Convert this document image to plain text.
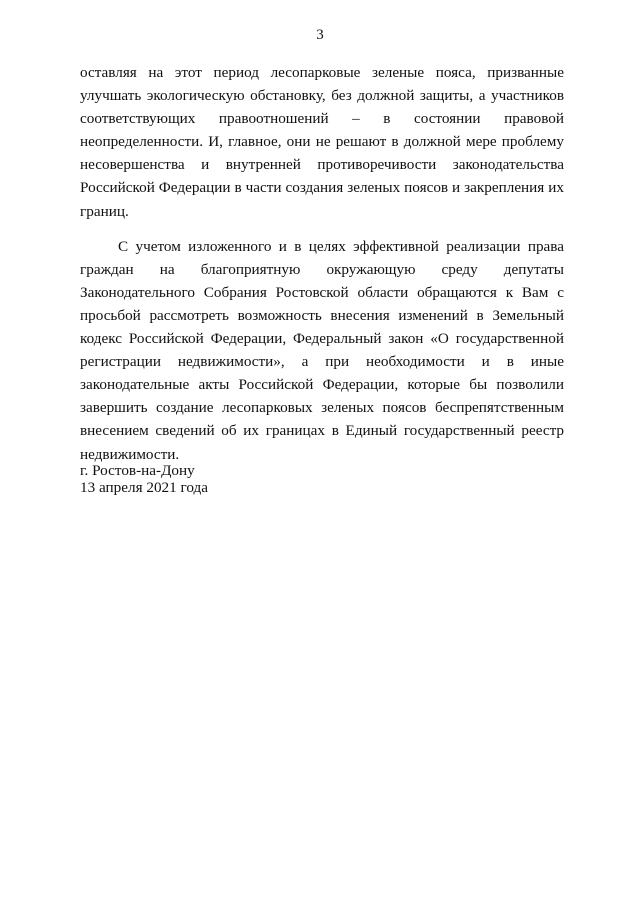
3

оставляя на этот период лесопарковые зеленые пояса, призванные
улучшать экологическую обстановку, без должной защиты, а участников
соответствующих правоотношений – в состоянии правовой
неопределенности. И, главное, они не решают в должной мере проблему
несовершенства и внутренней противоречивости законодательства
Российской Федерации в части создания зеленых поясов и закрепления их
границ.

С учетом изложенного и в целях эффективной реализации права
граждан на благоприятную окружающую среду депутаты
Законодательного Собрания Ростовской области обращаются к Вам с
просьбой рассмотреть возможность внесения изменений в Земельный
кодекс Российской Федерации, Федеральный закон «О государственной
регистрации недвижимости», а при необходимости и в иные
законодательные акты Российской Федерации, которые бы позволили
завершить создание лесопарковых зеленых поясов беспрепятственным
внесением сведений об их границах в Единый государственный реестр
недвижимости.

г. Ростов-на-Дону
13 апреля 2021 года
